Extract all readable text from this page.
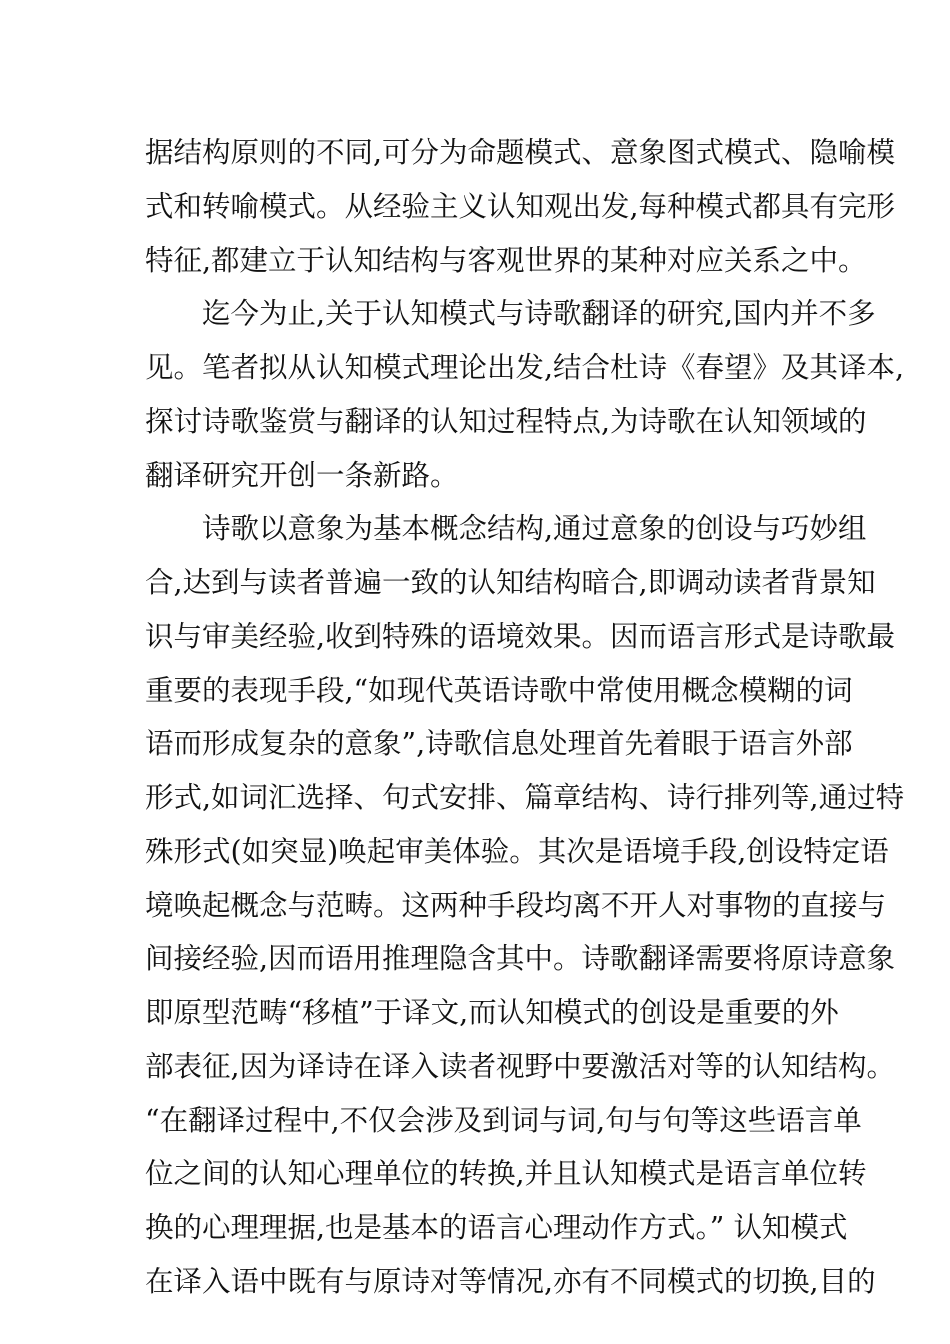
据结构原则的不同,可分为命题模式、意象图式模式、隐喻模
式和转喻模式。从经验主义认知观出发,每种模式都具有完形
特征,都建立于认知结构与客观世界的某种对应关系之中。
迄今为止,关于认知模式与诗歌翻译的研究,国内并不多
见。笔者拟从认知模式理论出发,结合杜诗《春望》及其译本,
探讨诗歌鉴赏与翻译的认知过程特点,为诗歌在认知领域的
翻译研究开创一条新路。
诗歌以意象为基本概念结构,通过意象的创设与巧妙组
合,达到与读者普遍一致的认知结构暗合,即调动读者背景知
识与审美经验,收到特殊的语境效果。因而语言形式是诗歌最
重要的表现手段,“如现代英语诗歌中常使用概念模糊的词
语而形成复杂的意象”,诗歌信息处理首先着眼于语言外部
形式,如词汇选择、句式安排、篇章结构、诗行排列等,通过特
殊形式(如突显)唤起审美体验。其次是语境手段,创设特定语
境唤起概念与范畴。这两种手段均离不开人对事物的直接与
间接经验,因而语用推理隐含其中。诗歌翻译需要将原诗意象
即原型范畴“移植”于译文,而认知模式的创设是重要的外
部表征,因为译诗在译入读者视野中要激活对等的认知结构。
“在翻译过程中,不仅会涉及到词与词,句与句等这些语言单
位之间的认知心理单位的转换,并且认知模式是语言单位转
换的心理理据,也是基本的语言心理动作方式。” 认知模式
在译入语中既有与原诗对等情况,亦有不同模式的切换,目的
